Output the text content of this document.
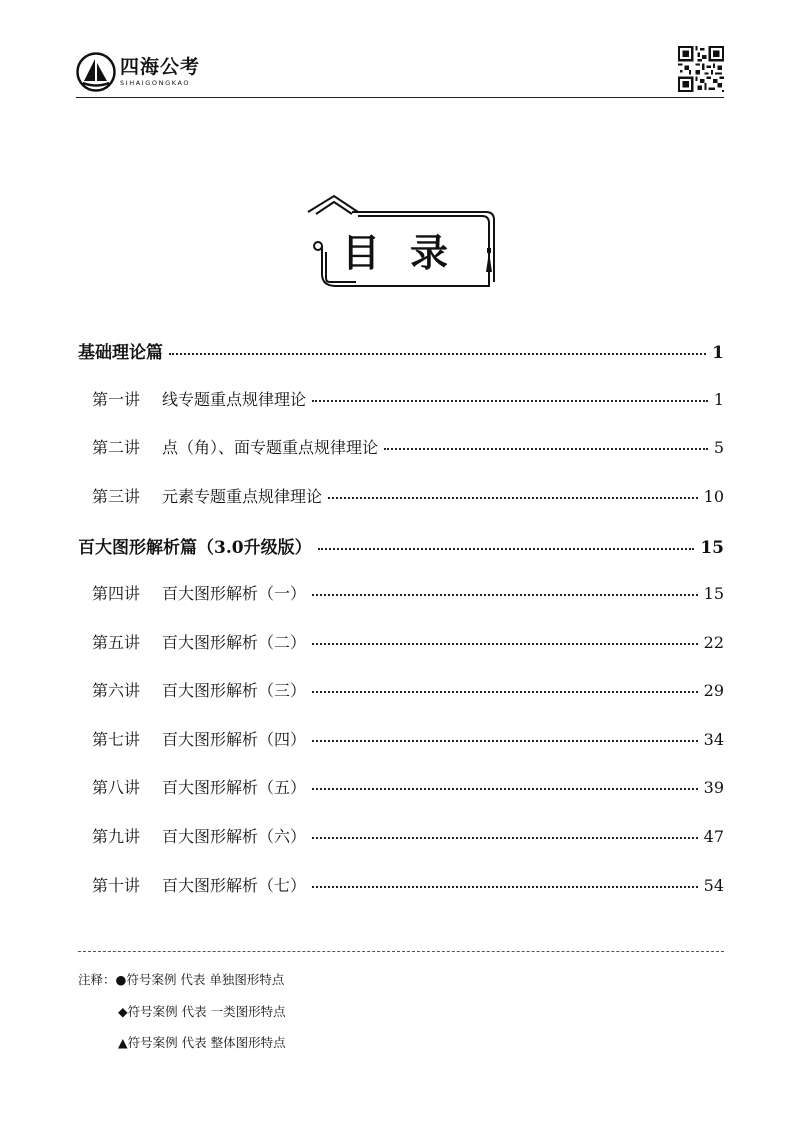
四海公考
SIHAIGONGKAO
目录
基础理论篇	1
第一讲 线专题重点规律理论	1
第二讲 点（角）、面专题重点规律理论	5
第三讲 元素专题重点规律理论	10
百大图形解析篇（3.0升级版）	15
第四讲 百大图形解析（一）	15
第五讲 百大图形解析（二）	22
第六讲 百大图形解析（三）	29
第七讲 百大图形解析（四）	34
第八讲 百大图形解析（五）	39
第九讲 百大图形解析（六）	47
第十讲 百大图形解析（七）	54
注释：●符号案例 代表 单独图形特点
◆符号案例 代表 一类图形特点
▲符号案例 代表 整体图形特点
